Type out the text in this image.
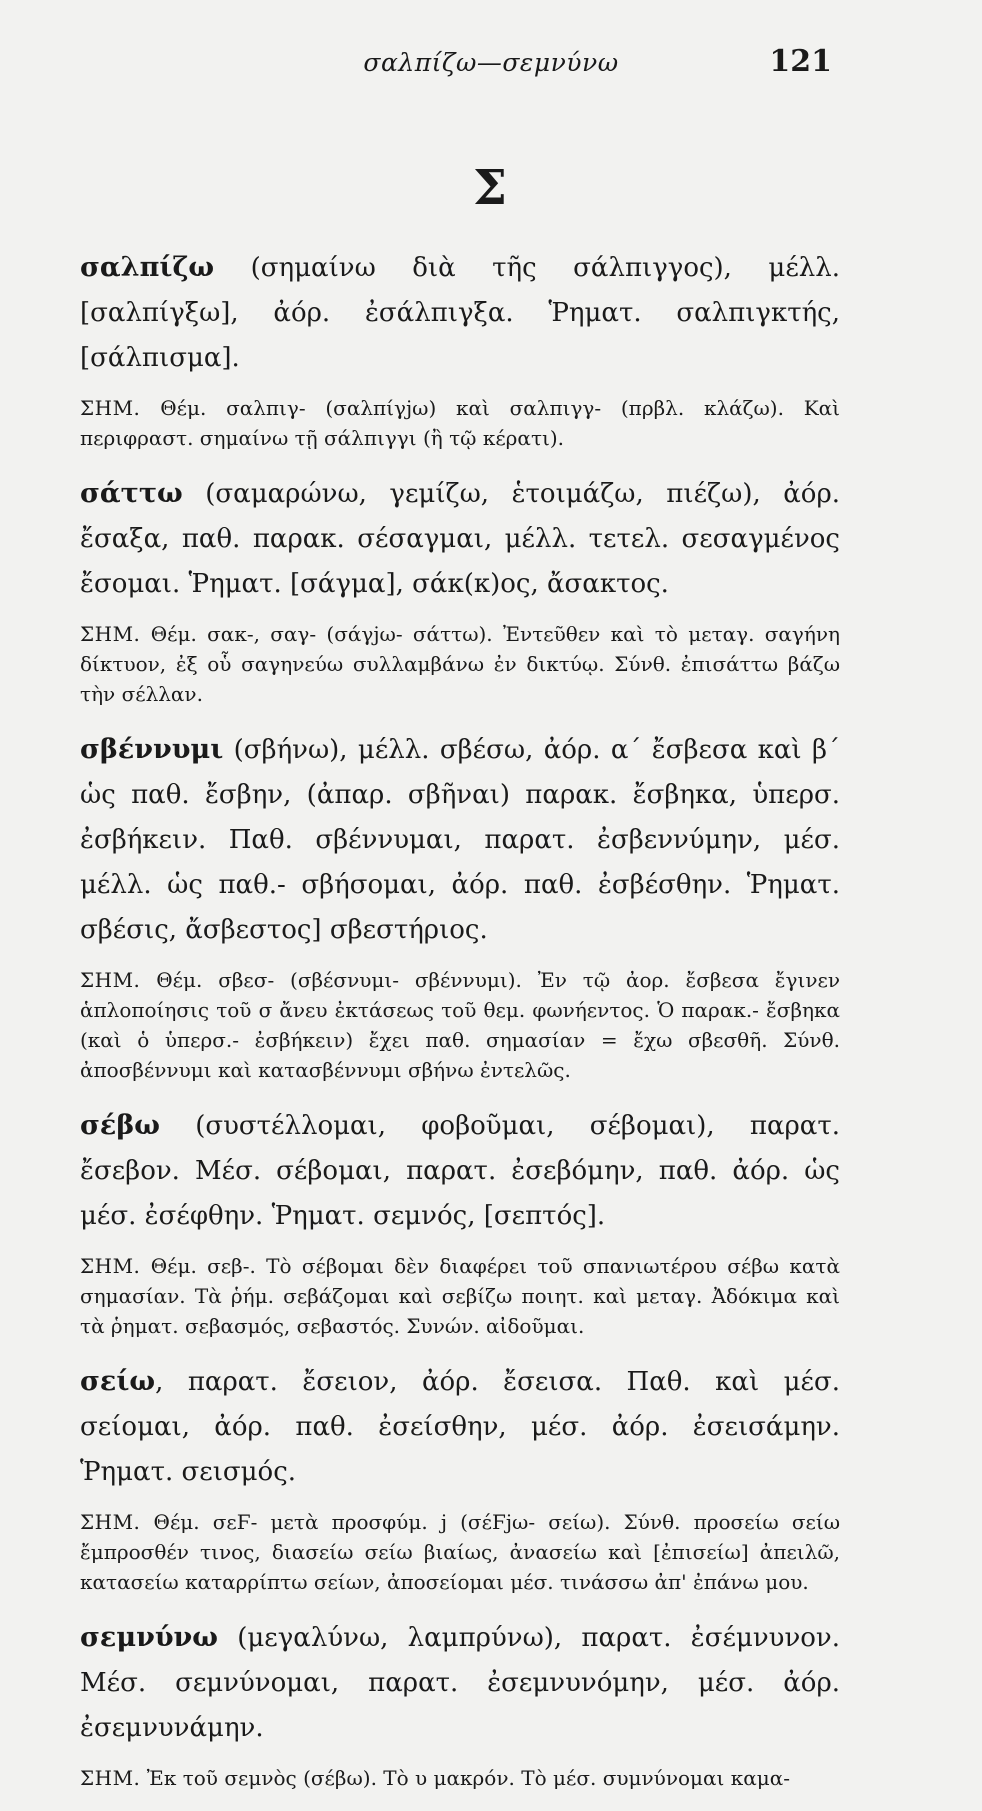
σαλπίζω—σεμνύνω	121
Σ

σαλπίζω (σημαίνω διὰ τῆς σάλπιγγος), μέλλ. [σαλπίγξω], ἀόρ. ἐσάλπιγξα. Ῥηματ. σαλπιγκτής, [σάλπισμα].

ΣΗΜ. Θέμ. σαλπιγ- (σαλπίγjω) καὶ σαλπιγγ- (πρβλ. κλάζω). Καὶ περιφραστ. σημαίνω τῇ σάλπιγγι (ἢ τῷ κέρατι).

σάττω (σαμαρώνω, γεμίζω, ἑτοιμάζω, πιέζω), ἀόρ. ἔσαξα, παθ. παρακ. σέσαγμαι, μέλλ. τετελ. σεσαγμένος ἔσομαι. Ῥηματ. [σάγμα], σάκ(κ)ος, ἄσακτος.

ΣΗΜ. Θέμ. σακ-, σαγ- (σάγjω- σάττω). Ἐντεῦθεν καὶ τὸ μεταγ. σαγήνη δίκτυον, ἐξ οὗ σαγηνεύω συλλαμβάνω ἐν δικτύῳ. Σύνθ. ἐπισάττω βάζω τὴν σέλλαν.

σβέννυμι (σβήνω), μέλλ. σβέσω, ἀόρ. α΄ ἔσβεσα καὶ β΄ ὡς παθ. ἔσβην, (ἀπαρ. σβῆναι) παρακ. ἔσβηκα, ὑπερσ. ἐσβήκειν. Παθ. σβέννυμαι, παρατ. ἐσβεννύμην, μέσ. μέλλ. ὡς παθ.- σβήσομαι, ἀόρ. παθ. ἐσβέσθην. Ῥηματ. σβέσις, ἄσβεστος] σβεστήριος.

ΣΗΜ. Θέμ. σβεσ- (σβέσνυμι- σβέννυμι). Ἐν τῷ ἀορ. ἔσβεσα ἔγινεν ἁπλοποίησις τοῦ σ ἄνευ ἐκτάσεως τοῦ θεμ. φωνήεντος. Ὁ παρακ.- ἔσβηκα (καὶ ὁ ὑπερσ.- ἐσβήκειν) ἔχει παθ. σημασίαν = ἔχω σβεσθῆ. Σύνθ. ἀποσβέννυμι καὶ κατασβέννυμι σβήνω ἐντελῶς.

σέβω (συστέλλομαι, φοβοῦμαι, σέβομαι), παρατ. ἔσεβον. Μέσ. σέβομαι, παρατ. ἐσεβόμην, παθ. ἀόρ. ὡς μέσ. ἐσέφθην. Ῥηματ. σεμνός, [σεπτός].

ΣΗΜ. Θέμ. σεβ-. Τὸ σέβομαι δὲν διαφέρει τοῦ σπανιωτέρου σέβω κατὰ σημασίαν. Τὰ ῥήμ. σεβάζομαι καὶ σεβίζω ποιητ. καὶ μεταγ. Ἀδόκιμα καὶ τὰ ῥηματ. σεβασμός, σεβαστός. Συνών. αἰδοῦμαι.

σείω, παρατ. ἔσειον, ἀόρ. ἔσεισα. Παθ. καὶ μέσ. σείομαι, ἀόρ. παθ. ἐσείσθην, μέσ. ἀόρ. ἐσεισάμην. Ῥηματ. σεισμός.

ΣΗΜ. Θέμ. σεϜ- μετὰ προσφύμ. j (σέϜjω- σείω). Σύνθ. προσείω σείω ἔμπροσθέν τινος, διασείω σείω βιαίως, ἀνασείω καὶ [ἐπισείω] ἀπειλῶ, κατασείω καταρρίπτω σείων, ἀποσείομαι μέσ. τινάσσω ἀπ' ἐπάνω μου.

σεμνύνω (μεγαλύνω, λαμπρύνω), παρατ. ἐσέμνυνον. Μέσ. σεμνύνομαι, παρατ. ἐσεμνυνόμην, μέσ. ἀόρ. ἐσεμνυνάμην.

ΣΗΜ. Ἐκ τοῦ σεμνὸς (σέβω). Τὸ υ μακρόν. Τὸ μέσ. συμνύνομαι καμα-
